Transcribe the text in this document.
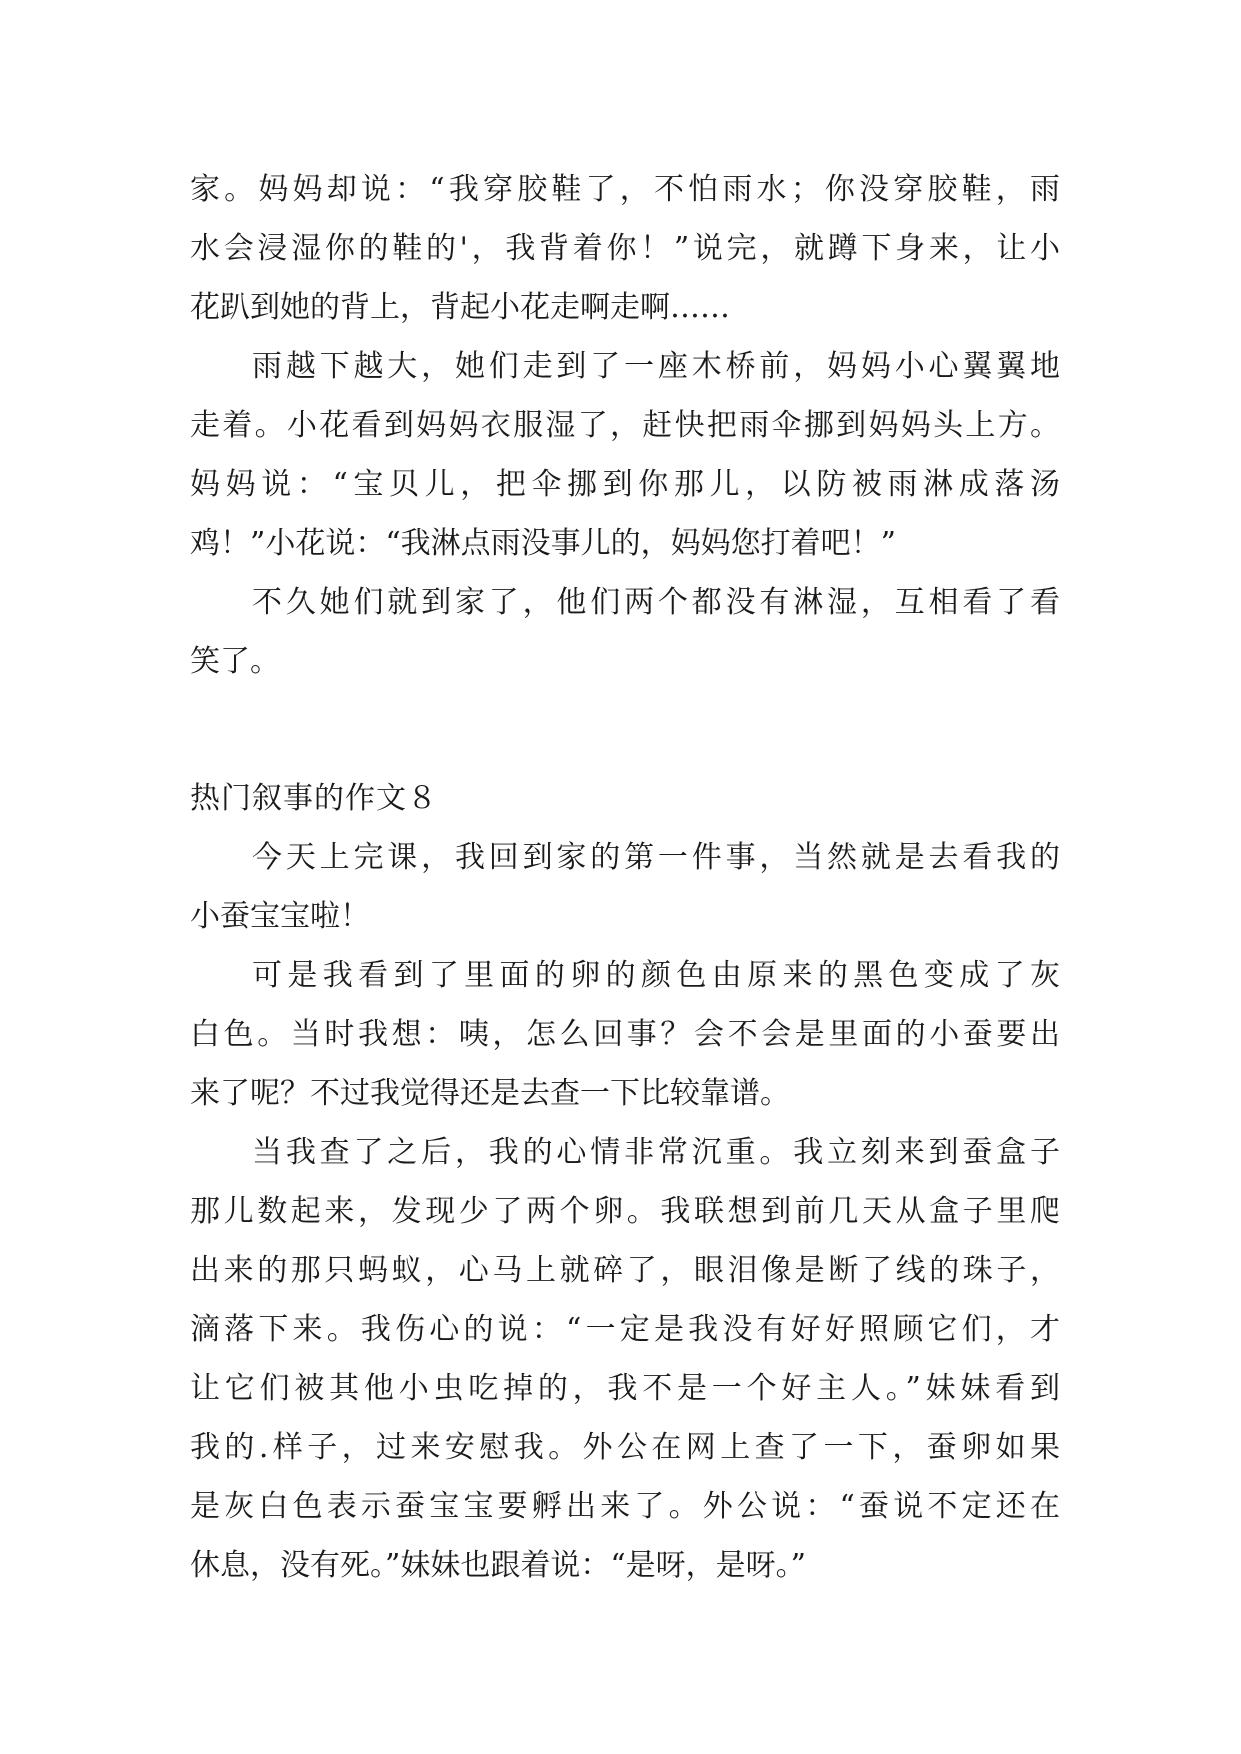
家。妈妈却说：“我穿胶鞋了，不怕雨水；你没穿胶鞋，雨
水会浸湿你的鞋的'，我背着你！”说完，就蹲下身来，让小
花趴到她的背上，背起小花走啊走啊……
雨越下越大，她们走到了一座木桥前，妈妈小心翼翼地
走着。小花看到妈妈衣服湿了，赶快把雨伞挪到妈妈头上方。
妈妈说：“宝贝儿，把伞挪到你那儿，以防被雨淋成落汤
鸡！”小花说：“我淋点雨没事儿的，妈妈您打着吧！”
不久她们就到家了，他们两个都没有淋湿，互相看了看
笑了。
热门叙事的作文８
今天上完课，我回到家的第一件事，当然就是去看我的
小蚕宝宝啦！
可是我看到了里面的卵的颜色由原来的黑色变成了灰
白色。当时我想：咦，怎么回事？会不会是里面的小蚕要出
来了呢？不过我觉得还是去查一下比较靠谱。
当我查了之后，我的心情非常沉重。我立刻来到蚕盒子
那儿数起来，发现少了两个卵。我联想到前几天从盒子里爬
出来的那只蚂蚁，心马上就碎了，眼泪像是断了线的珠子，
滴落下来。我伤心的说：“一定是我没有好好照顾它们，才
让它们被其他小虫吃掉的，我不是一个好主人。”妹妹看到
我的.样子，过来安慰我。外公在网上查了一下，蚕卵如果
是灰白色表示蚕宝宝要孵出来了。外公说：“蚕说不定还在
休息，没有死。”妹妹也跟着说：“是呀，是呀。”
